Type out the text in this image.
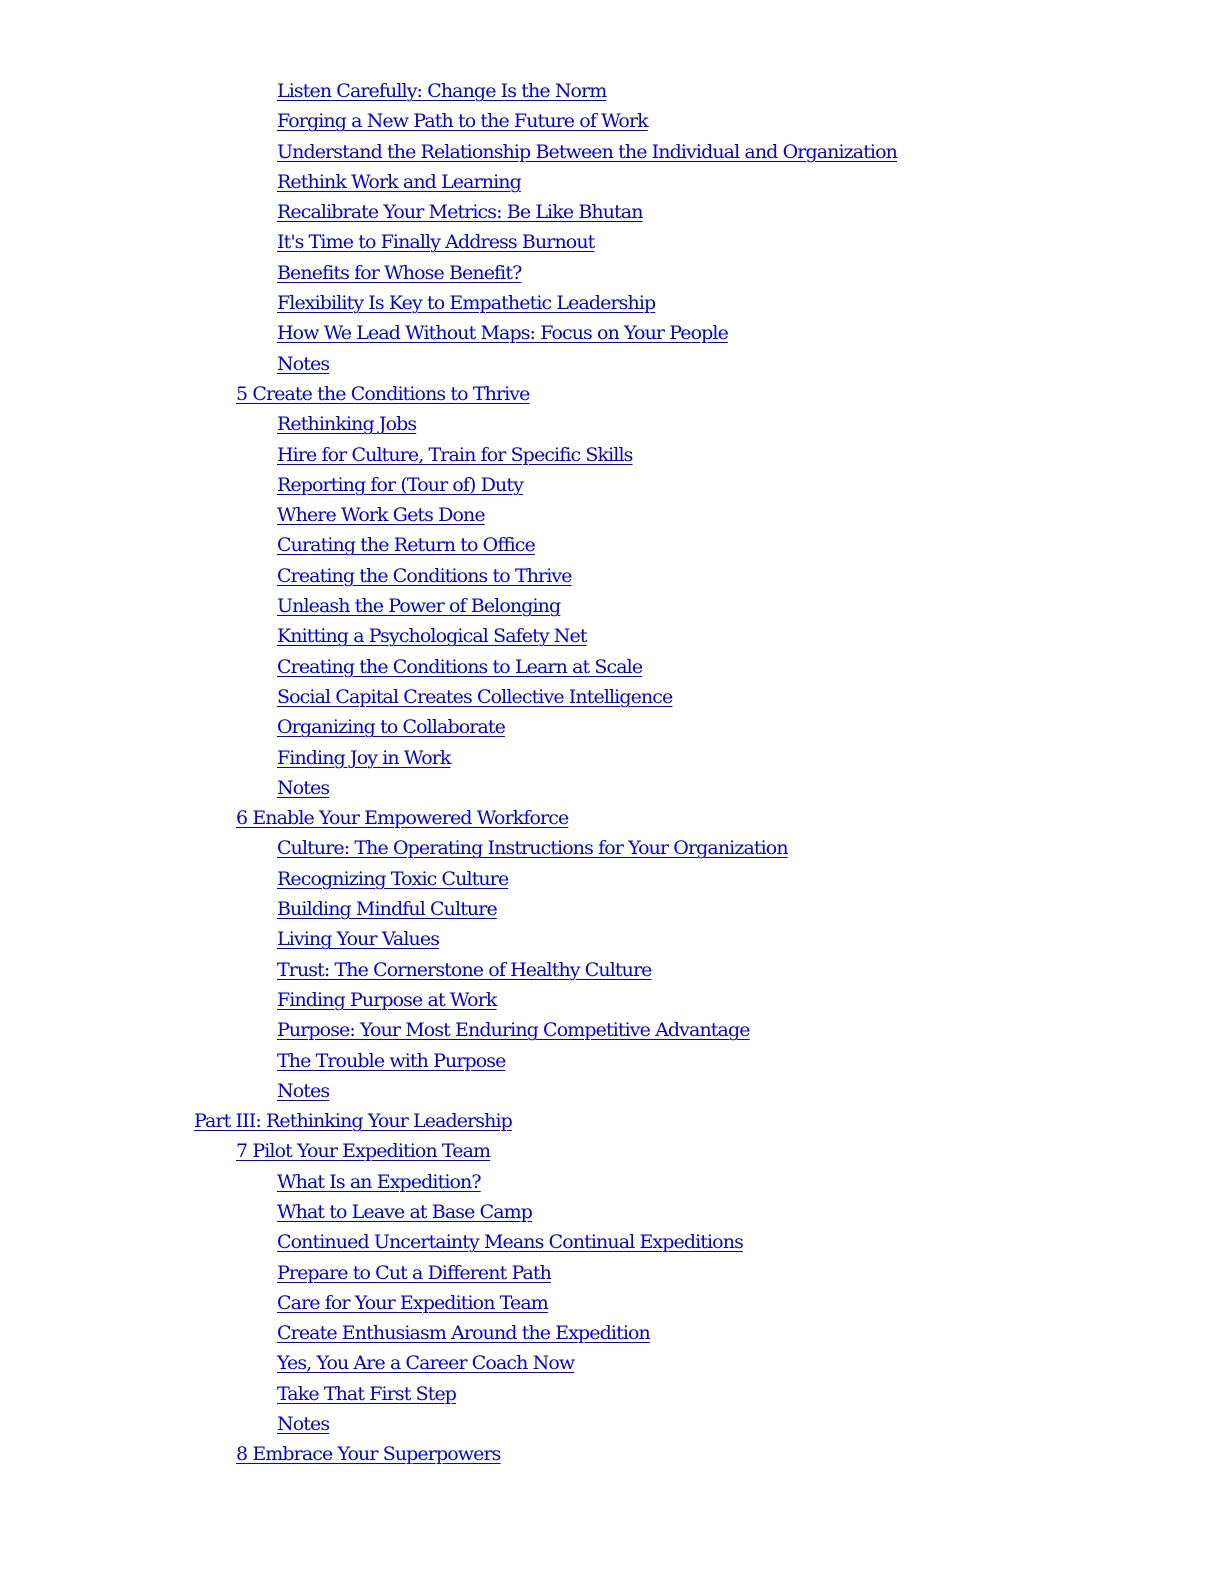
Listen Carefully: Change Is the Norm
Forging a New Path to the Future of Work
Understand the Relationship Between the Individual and Organization
Rethink Work and Learning
Recalibrate Your Metrics: Be Like Bhutan
It's Time to Finally Address Burnout
Benefits for Whose Benefit?
Flexibility Is Key to Empathetic Leadership
How We Lead Without Maps: Focus on Your People
Notes
5 Create the Conditions to Thrive
Rethinking Jobs
Hire for Culture, Train for Specific Skills
Reporting for (Tour of) Duty
Where Work Gets Done
Curating the Return to Office
Creating the Conditions to Thrive
Unleash the Power of Belonging
Knitting a Psychological Safety Net
Creating the Conditions to Learn at Scale
Social Capital Creates Collective Intelligence
Organizing to Collaborate
Finding Joy in Work
Notes
6 Enable Your Empowered Workforce
Culture: The Operating Instructions for Your Organization
Recognizing Toxic Culture
Building Mindful Culture
Living Your Values
Trust: The Cornerstone of Healthy Culture
Finding Purpose at Work
Purpose: Your Most Enduring Competitive Advantage
The Trouble with Purpose
Notes
Part III: Rethinking Your Leadership
7 Pilot Your Expedition Team
What Is an Expedition?
What to Leave at Base Camp
Continued Uncertainty Means Continual Expeditions
Prepare to Cut a Different Path
Care for Your Expedition Team
Create Enthusiasm Around the Expedition
Yes, You Are a Career Coach Now
Take That First Step
Notes
8 Embrace Your Superpowers
